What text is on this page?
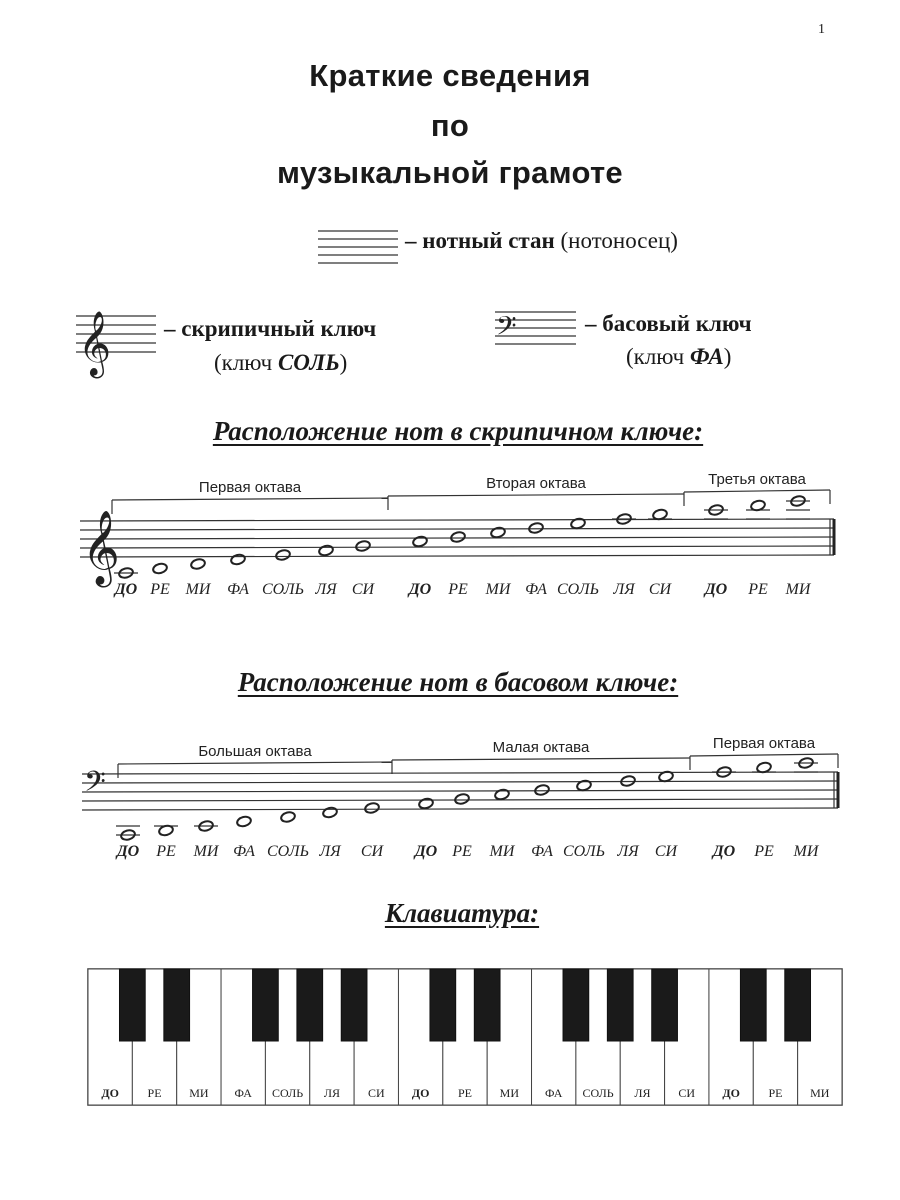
1
Краткие сведения
по
музыкальной грамоте
𝄞	𝄢
– нотный стан (нотоносец)
– скрипичный ключ
(ключ СОЛЬ)
– басовый ключ
(ключ ФА)
Расположение нот в скрипичном ключе:
𝄞
Первая октава	Вторая октава	Третья октава
ДО РЕ МИ ФА СОЛЬ ЛЯ СИ ДО РЕ МИ ФА СОЛЬ ЛЯ СИ ДО РЕ МИ
Расположение нот в басовом ключе:
𝄢
Большая октава	Малая октава	Первая октава
ДО РЕ МИ ФА СОЛЬ ЛЯ СИ ДО РЕ МИ ФА СОЛЬ ЛЯ СИ ДО РЕ МИ
Клавиатура:
ДО РЕ МИ ФА СОЛЬ ЛЯ СИ ДО РЕ МИ ФА СОЛЬ ЛЯ СИ ДО РЕ МИ
